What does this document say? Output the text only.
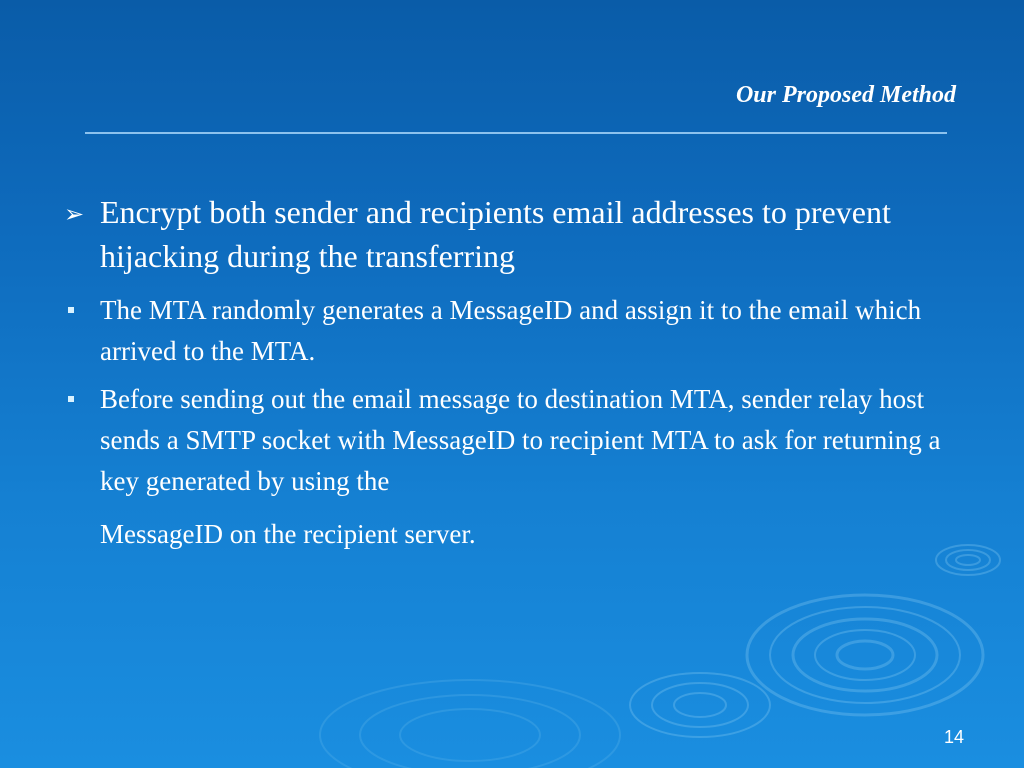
Our Proposed Method
➢ Encrypt both sender and recipients email addresses to prevent hijacking during the transferring
The MTA randomly generates a MessageID and assign it to the email which arrived to the MTA.
Before sending out the email message to destination MTA, sender relay host sends a SMTP socket with MessageID to recipient MTA to ask for returning a key generated by using the
MessageID on the recipient server.
14
